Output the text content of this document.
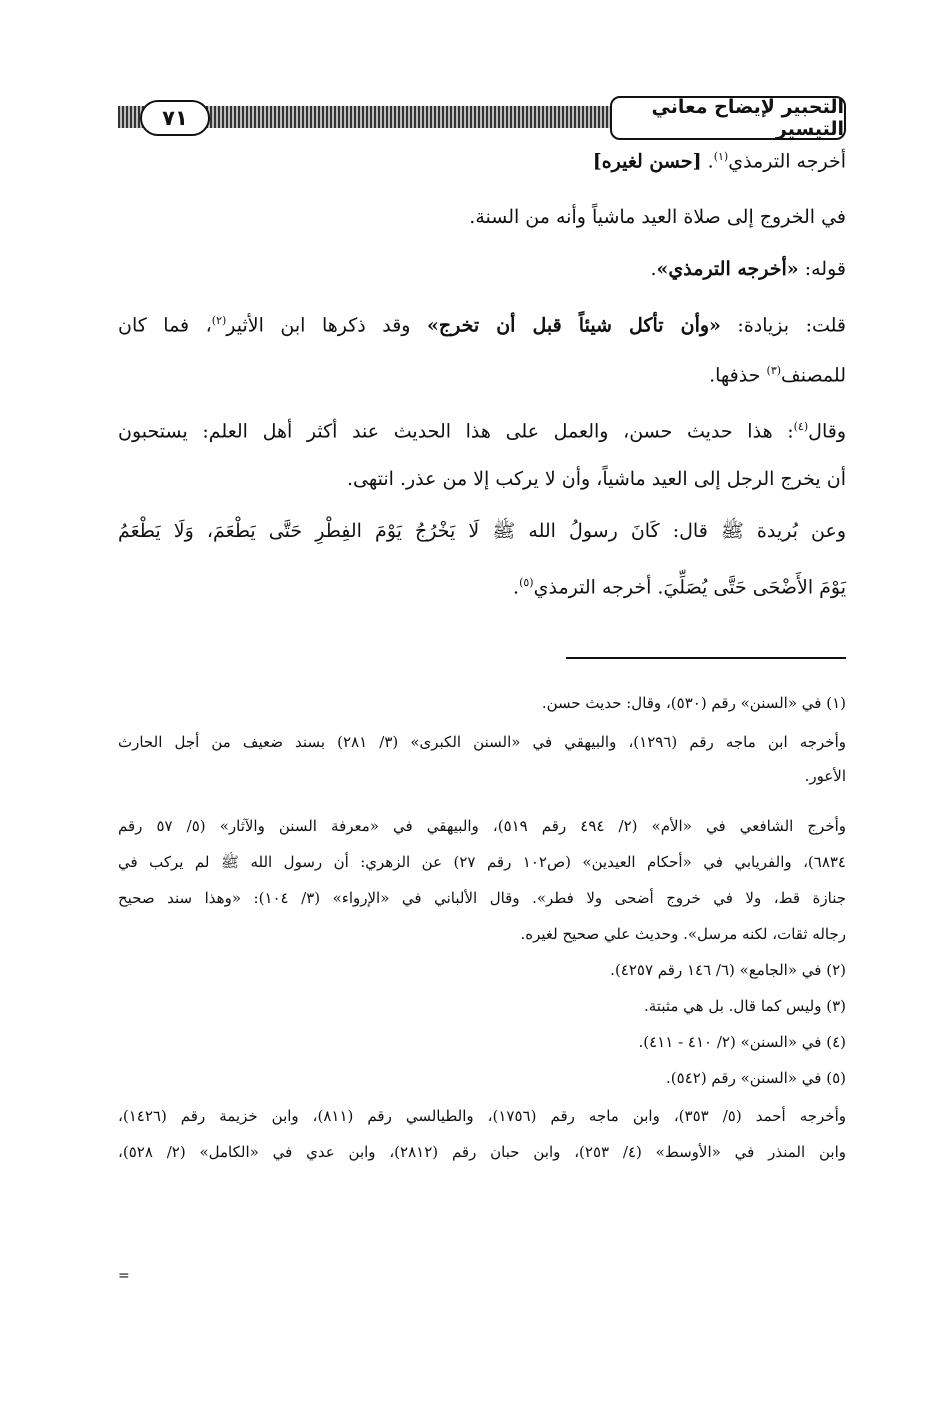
التحبير لإيضاح معاني التيسير
٧١
أخرجه الترمذي$^{(١)}$. [حسن لغيره]
في الخروج إلى صلاة العيد ماشياً وأنه من السنة.
قوله: «أخرجه الترمذي».
قلت: بزيادة: «وأن تأكل شيئاً قبل أن تخرج» وقد ذكرها ابن الأثير$^{(٢)}$، فما كان
للمصنف$^{(٣)}$ حذفها.
وقال$^{(٤)}$: هذا حديث حسن، والعمل على هذا الحديث عند أكثر أهل العلم: يستحبون
أن يخرج الرجل إلى العيد ماشياً، وأن لا يركب إلا من عذر. انتهى.
وعن بُريدة ﷺ قال: كَانَ رسولُ الله ﷺ لَا يَخْرُجُ يَوْمَ الفِطْرِ حَتَّى يَطْعَمَ، وَلَا يَطْعَمُ
يَوْمَ الأَضْحَى حَتَّى يُصَلِّيَ. أخرجه الترمذي$^{(٥)}$.
(١) في «السنن» رقم (٥٣٠)، وقال: حديث حسن.
وأخرجه ابن ماجه رقم (١٢٩٦)، والبيهقي في «السنن الكبرى» (٣/ ٢٨١) بسند ضعيف من أجل الحارث
الأعور.
وأخرج الشافعي في «الأم» (٢/ ٤٩٤ رقم ٥١٩)، والبيهقي في «معرفة السنن والآثار» (٥/ ٥٧ رقم
٦٨٣٤)، والفريابي في «أحكام العيدين» (ص١٠٢ رقم ٢٧) عن الزهري: أن رسول الله ﷺ لم يركب في
جنازة قط، ولا في خروج أضحى ولا فطر». وقال الألباني في «الإرواء» (٣/ ١٠٤): «وهذا سند صحيح
رجاله ثقات، لكنه مرسل». وحديث علي صحيح لغيره.
(٢) في «الجامع» (٦/ ١٤٦ رقم ٤٢٥٧).
(٣) وليس كما قال. بل هي مثبتة.
(٤) في «السنن» (٢/ ٤١٠ - ٤١١).
(٥) في «السنن» رقم (٥٤٢).
وأخرجه أحمد (٥/ ٣٥٣)، وابن ماجه رقم (١٧٥٦)، والطيالسي رقم (٨١١)، وابن خزيمة رقم (١٤٢٦)،
وابن المنذر في «الأوسط» (٤/ ٢٥٣)، وابن حبان رقم (٢٨١٢)، وابن عدي في «الكامل» (٢/ ٥٢٨)،
=
